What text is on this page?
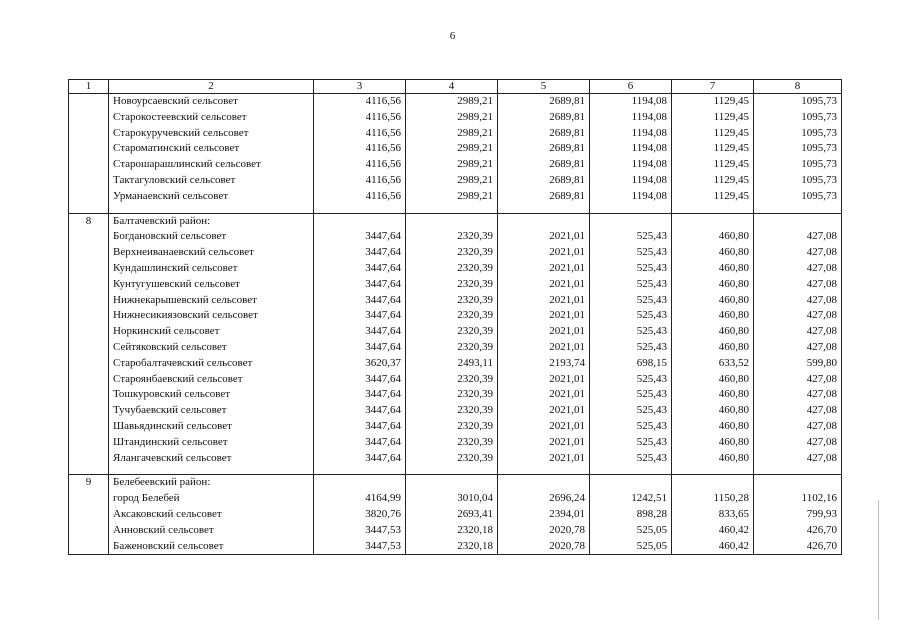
6
1	2	3	4	5	6	7	8
	Новоурсаевский сельсовет	4116,56	2989,21	2689,81	1194,08	1129,45	1095,73
	Старокостеевский сельсовет	4116,56	2989,21	2689,81	1194,08	1129,45	1095,73
	Старокуручевский сельсовет	4116,56	2989,21	2689,81	1194,08	1129,45	1095,73
	Староматинский сельсовет	4116,56	2989,21	2689,81	1194,08	1129,45	1095,73
	Старошарашлинский сельсовет	4116,56	2989,21	2689,81	1194,08	1129,45	1095,73
	Тактагуловский сельсовет	4116,56	2989,21	2689,81	1194,08	1129,45	1095,73
	Урманаевский сельсовет	4116,56	2989,21	2689,81	1194,08	1129,45	1095,73

8	Балтачевский район:						
	Богдановский сельсовет	3447,64	2320,39	2021,01	525,43	460,80	427,08
	Верхнеиванаевский сельсовет	3447,64	2320,39	2021,01	525,43	460,80	427,08
	Кундашлинский сельсовет	3447,64	2320,39	2021,01	525,43	460,80	427,08
	Кунтугушевский сельсовет	3447,64	2320,39	2021,01	525,43	460,80	427,08
	Нижнекарышевский сельсовет	3447,64	2320,39	2021,01	525,43	460,80	427,08
	Нижнесикиязовский сельсовет	3447,64	2320,39	2021,01	525,43	460,80	427,08
	Норкинский сельсовет	3447,64	2320,39	2021,01	525,43	460,80	427,08
	Сейтяковский сельсовет	3447,64	2320,39	2021,01	525,43	460,80	427,08
	Старобалтачевский сельсовет	3620,37	2493,11	2193,74	698,15	633,52	599,80
	Староянбаевский сельсовет	3447,64	2320,39	2021,01	525,43	460,80	427,08
	Тошкуровский сельсовет	3447,64	2320,39	2021,01	525,43	460,80	427,08
	Тучубаевский сельсовет	3447,64	2320,39	2021,01	525,43	460,80	427,08
	Шавьядинский сельсовет	3447,64	2320,39	2021,01	525,43	460,80	427,08
	Штандинский сельсовет	3447,64	2320,39	2021,01	525,43	460,80	427,08
	Ялангачевский сельсовет	3447,64	2320,39	2021,01	525,43	460,80	427,08

9	Белебеевский район:						
	город Белебей	4164,99	3010,04	2696,24	1242,51	1150,28	1102,16
	Аксаковский сельсовет	3820,76	2693,41	2394,01	898,28	833,65	799,93
	Анновский сельсовет	3447,53	2320,18	2020,78	525,05	460,42	426,70
	Баженовский сельсовет	3447,53	2320,18	2020,78	525,05	460,42	426,70
